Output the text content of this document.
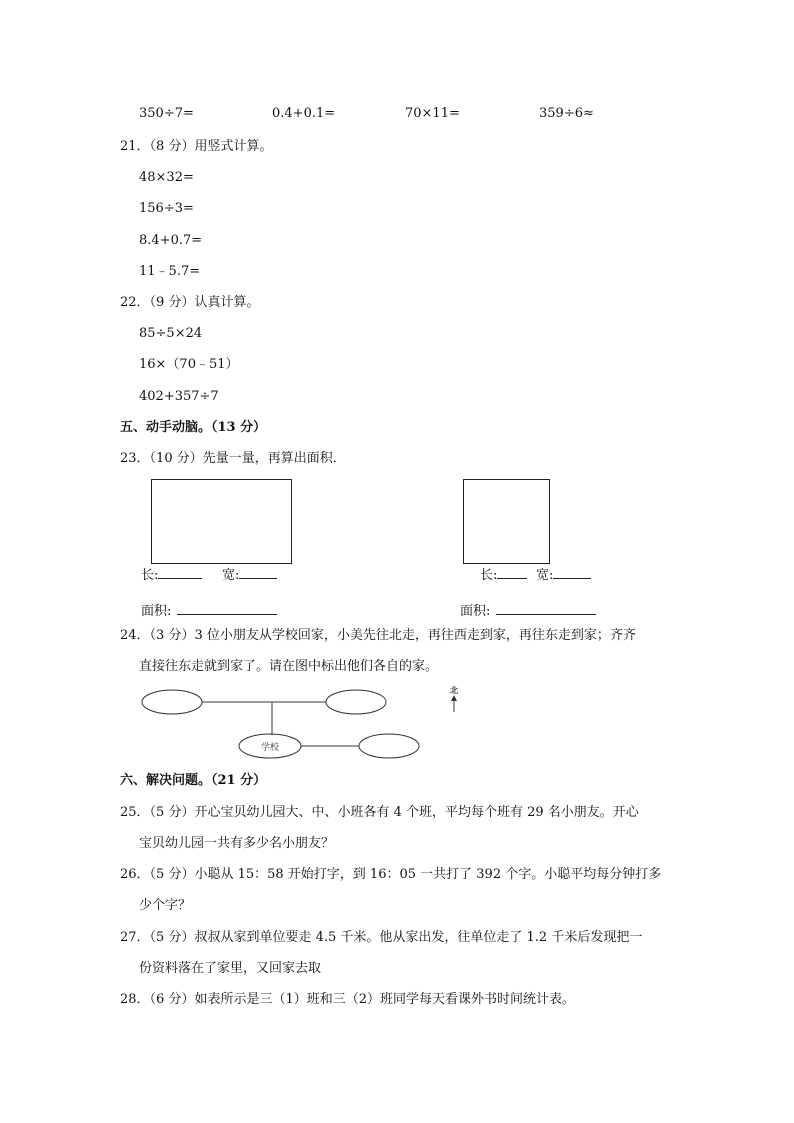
350÷7=	0.4+0.1=	70×11=	359÷6≈
21．（8 分）用竖式计算。
48×32=
156÷3=
8.4+0.7=
11﹣5.7=
22．（9 分）认真计算。
85÷5×24
16×（70﹣51）
402+357÷7
五、动手动脑。（13 分）
23．（10 分）先量一量，再算出面积．
长:	宽:
面积:
长:	宽:
面积:
24．（3 分）3 位小朋友从学校回家，小美先往北走，再往西走到家，再往东走到家；齐齐
直接往东走就到家了。请在图中标出他们各自的家。
学校
北
六、解决问题。（21 分）
25．（5 分）开心宝贝幼儿园大、中、小班各有 4 个班，平均每个班有 29 名小朋友。开心
宝贝幼儿园一共有多少名小朋友？
26．（5 分）小聪从 15：58 开始打字，到 16：05 一共打了 392 个字。小聪平均每分钟打多
少个字？
27．（5 分）叔叔从家到单位要走 4.5 千米。他从家出发，往单位走了 1.2 千米后发现把一
份资料落在了家里，又回家去取
28．（6 分）如表所示是三（1）班和三（2）班同学每天看课外书时间统计表。
